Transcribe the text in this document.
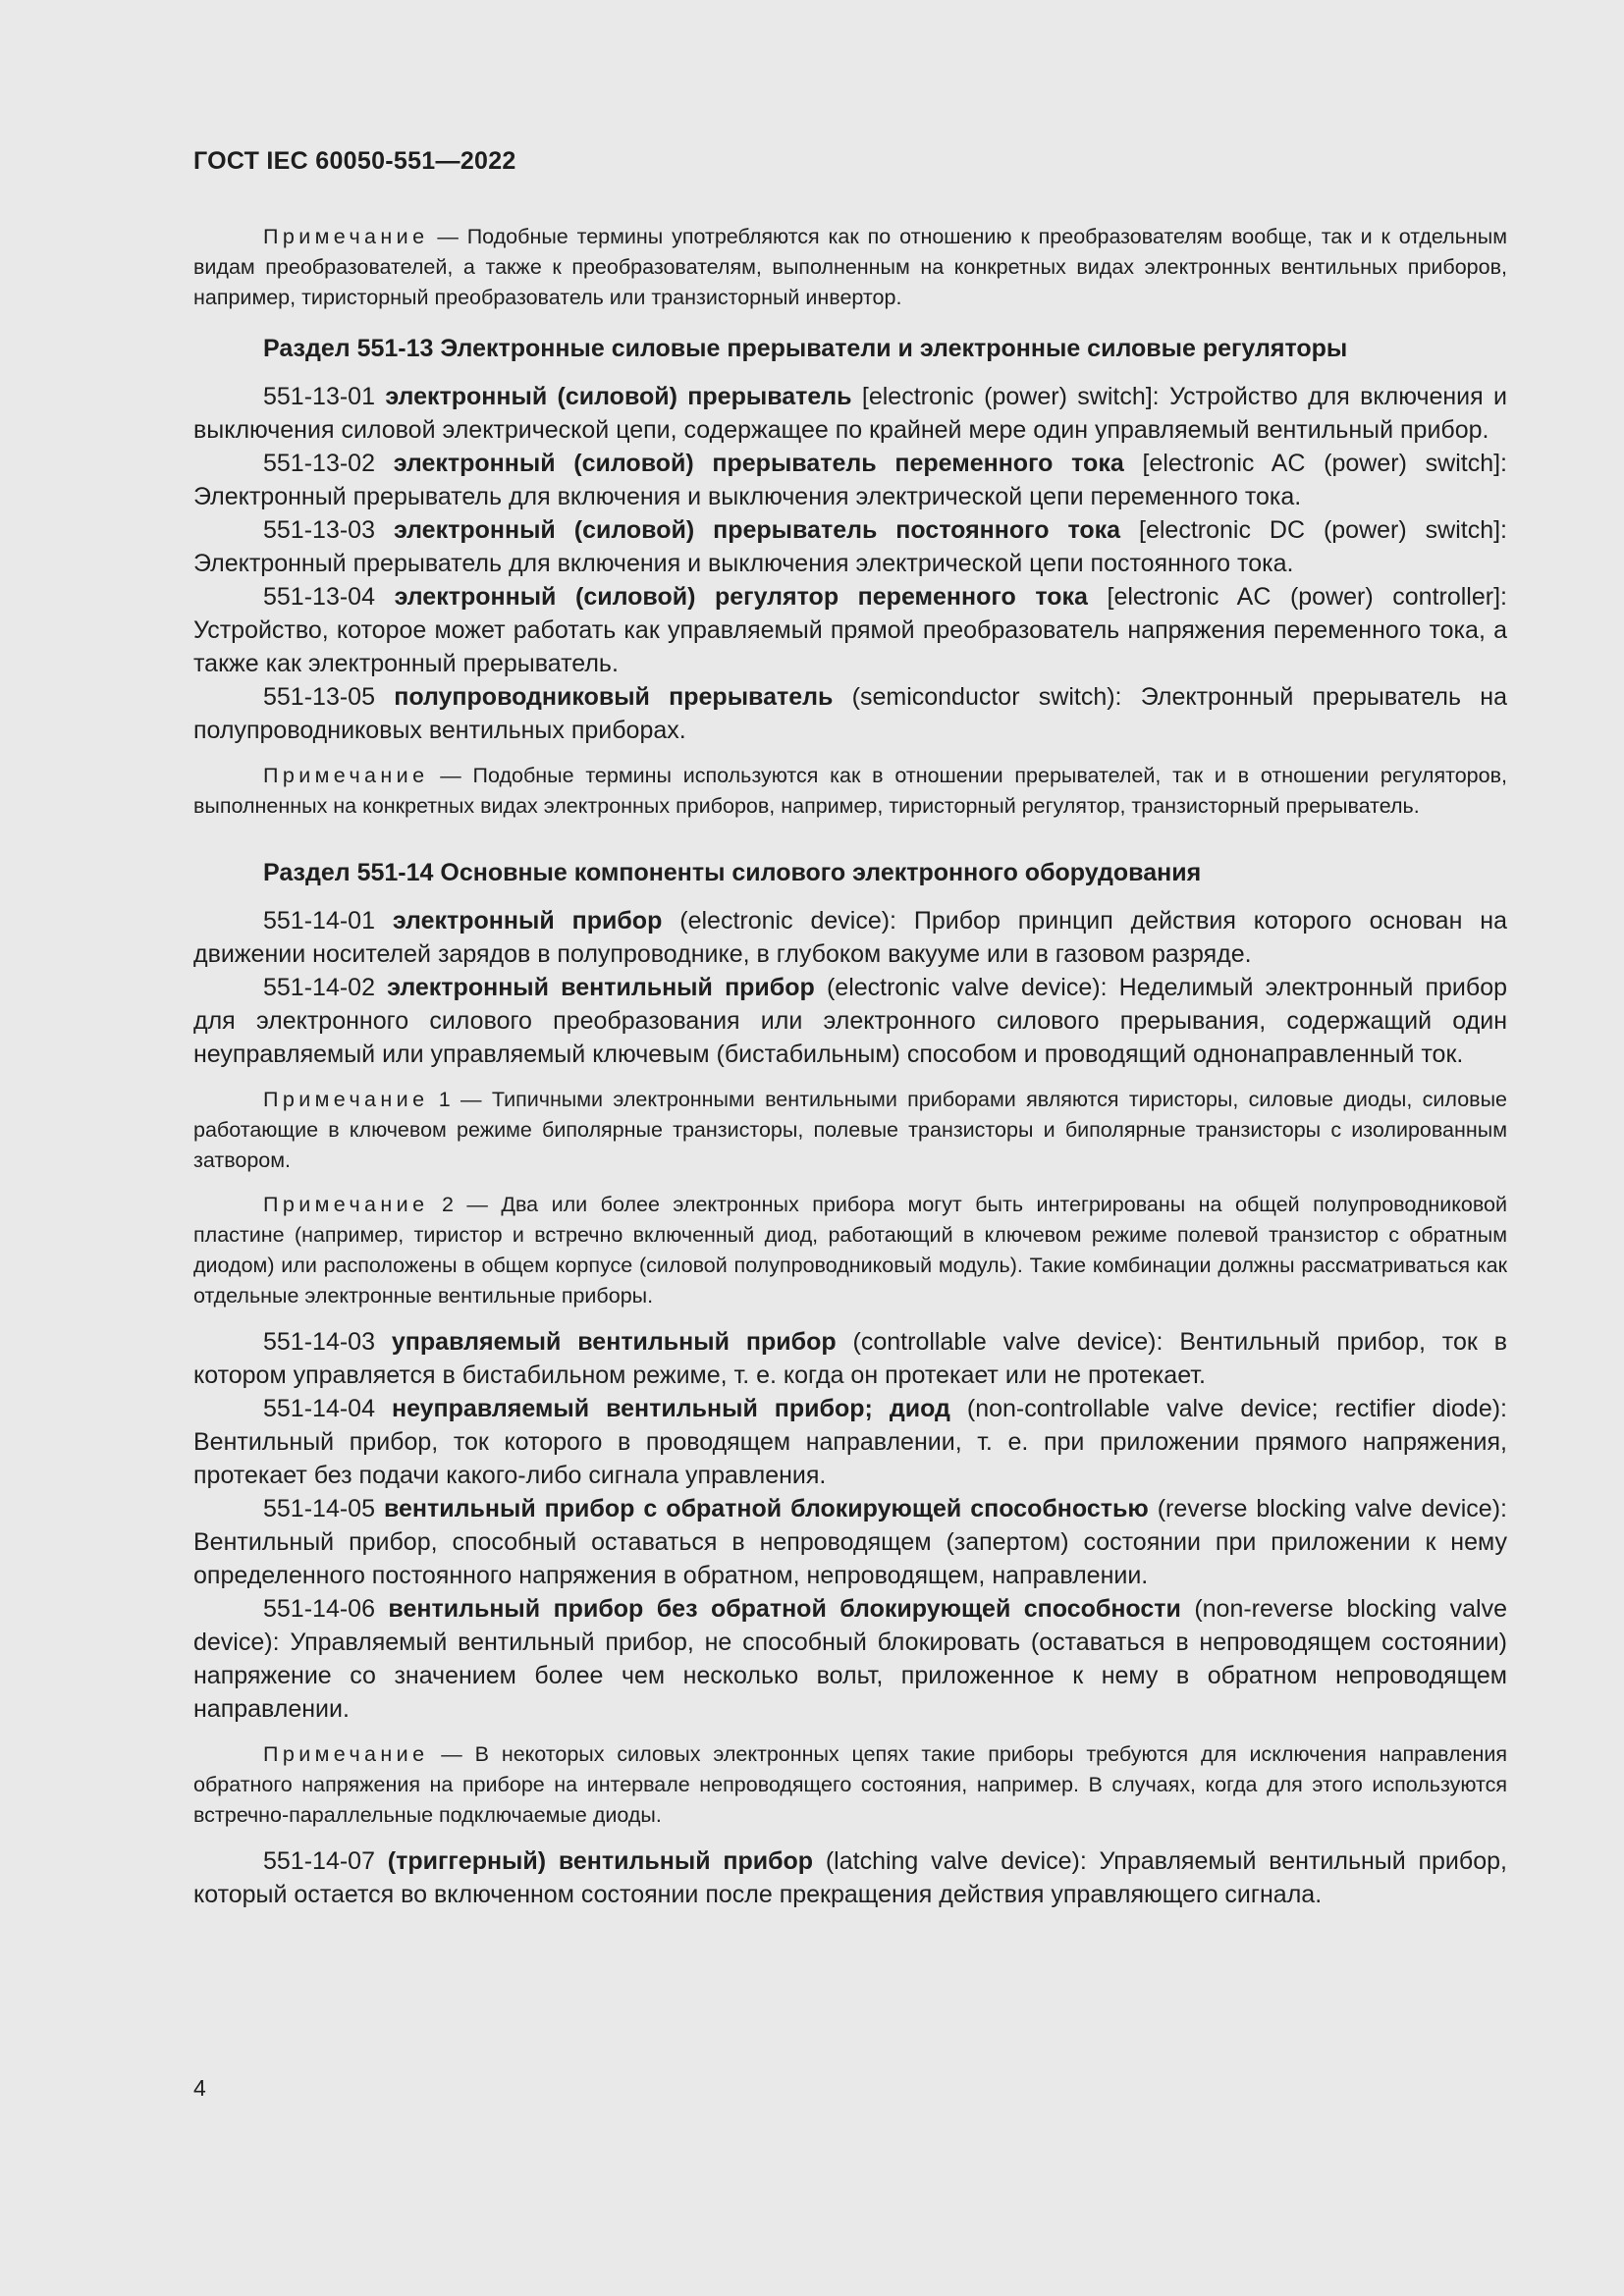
ГОСТ IEC 60050-551—2022

Примечание — Подобные термины употребляются как по отношению к преобразователям вообще, так и к отдельным видам преобразователей, а также к преобразователям, выполненным на конкретных видах электронных вентильных приборов, например, тиристорный преобразователь или транзисторный инвертор.

Раздел 551-13 Электронные силовые прерыватели и электронные силовые регуляторы

551-13-01 электронный (силовой) прерыватель [electronic (power) switch]: Устройство для включения и выключения силовой электрической цепи, содержащее по крайней мере один управляемый вентильный прибор.

551-13-02 электронный (силовой) прерыватель переменного тока [electronic AC (power) switch]: Электронный прерыватель для включения и выключения электрической цепи переменного тока.

551-13-03 электронный (силовой) прерыватель постоянного тока [electronic DC (power) switch]: Электронный прерыватель для включения и выключения электрической цепи постоянного тока.

551-13-04 электронный (силовой) регулятор переменного тока [electronic AC (power) controller]: Устройство, которое может работать как управляемый прямой преобразователь напряжения переменного тока, а также как электронный прерыватель.

551-13-05 полупроводниковый прерыватель (semiconductor switch): Электронный прерыватель на полупроводниковых вентильных приборах.

Примечание — Подобные термины используются как в отношении прерывателей, так и в отношении регуляторов, выполненных на конкретных видах электронных приборов, например, тиристорный регулятор, транзисторный прерыватель.

Раздел 551-14 Основные компоненты силового электронного оборудования

551-14-01 электронный прибор (electronic device): Прибор принцип действия которого основан на движении носителей зарядов в полупроводнике, в глубоком вакууме или в газовом разряде.

551-14-02 электронный вентильный прибор (electronic valve device): Неделимый электронный прибор для электронного силового преобразования или электронного силового прерывания, содержащий один неуправляемый или управляемый ключевым (бистабильным) способом и проводящий однонаправленный ток.

Примечание 1 — Типичными электронными вентильными приборами являются тиристоры, силовые диоды, силовые работающие в ключевом режиме биполярные транзисторы, полевые транзисторы и биполярные транзисторы с изолированным затвором.

Примечание 2 — Два или более электронных прибора могут быть интегрированы на общей полупроводниковой пластине (например, тиристор и встречно включенный диод, работающий в ключевом режиме полевой транзистор с обратным диодом) или расположены в общем корпусе (силовой полупроводниковый модуль). Такие комбинации должны рассматриваться как отдельные электронные вентильные приборы.

551-14-03 управляемый вентильный прибор (controllable valve device): Вентильный прибор, ток в котором управляется в бистабильном режиме, т. е. когда он протекает или не протекает.

551-14-04 неуправляемый вентильный прибор; диод (non-controllable valve device; rectifier diode): Вентильный прибор, ток которого в проводящем направлении, т. е. при приложении прямого напряжения, протекает без подачи какого-либо сигнала управления.

551-14-05 вентильный прибор с обратной блокирующей способностью (reverse blocking valve device): Вентильный прибор, способный оставаться в непроводящем (запертом) состоянии при приложении к нему определенного постоянного напряжения в обратном, непроводящем, направлении.

551-14-06 вентильный прибор без обратной блокирующей способности (non-reverse blocking valve device): Управляемый вентильный прибор, не способный блокировать (оставаться в непроводящем состоянии) напряжение со значением более чем несколько вольт, приложенное к нему в обратном непроводящем направлении.

Примечание — В некоторых силовых электронных цепях такие приборы требуются для исключения направления обратного напряжения на приборе на интервале непроводящего состояния, например. В случаях, когда для этого используются встречно-параллельные подключаемые диоды.

551-14-07 (триггерный) вентильный прибор (latching valve device): Управляемый вентильный прибор, который остается во включенном состоянии после прекращения действия управляющего сигнала.

4
